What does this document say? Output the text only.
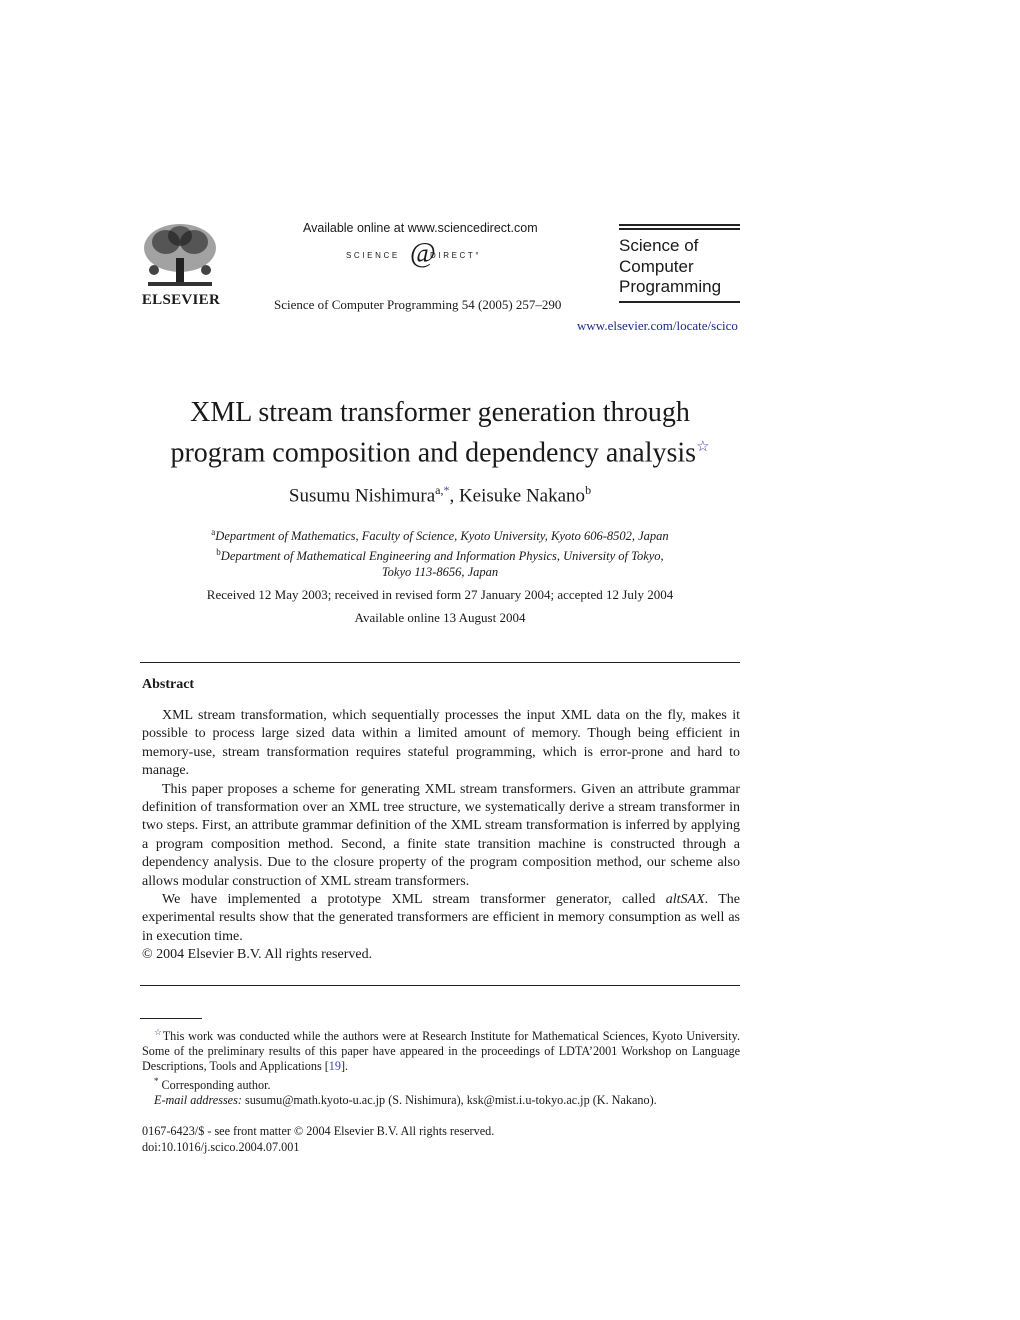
ELSEVIER
Available online at www.sciencedirect.com
SCIENCE @
DIRECT°
Science of Computer Programming 54 (2005) 257–290
Science of
Computer
Programming
www.elsevier.com/locate/scico
XML stream transformer generation through
program composition and dependency analysis☆
Susumu Nishimura$^{a,*}$, Keisuke Nakano$^b$
$^a$Department of Mathematics, Faculty of Science, Kyoto University, Kyoto 606-8502, Japan
$^b$Department of Mathematical Engineering and Information Physics, University of Tokyo,
Tokyo 113-8656, Japan
Received 12 May 2003; received in revised form 27 January 2004; accepted 12 July 2004
Available online 13 August 2004
Abstract

XML stream transformation, which sequentially processes the input XML data on the fly, makes it possible to process large sized data within a limited amount of memory. Though being efficient in memory-use, stream transformation requires stateful programming, which is error-prone and hard to manage.

This paper proposes a scheme for generating XML stream transformers. Given an attribute grammar definition of transformation over an XML tree structure, we systematically derive a stream transformer in two steps. First, an attribute grammar definition of the XML stream transformation is inferred by applying a program composition method. Second, a finite state transition machine is constructed through a dependency analysis. Due to the closure property of the program composition method, our scheme also allows modular construction of XML stream transformers.

We have implemented a prototype XML stream transformer generator, called altSAX. The experimental results show that the generated transformers are efficient in memory consumption as well as in execution time.

© 2004 Elsevier B.V. All rights reserved.

☆This work was conducted while the authors were at Research Institute for Mathematical Sciences, Kyoto University. Some of the preliminary results of this paper have appeared in the proceedings of LDTA’2001 Workshop on Language Descriptions, Tools and Applications [19].

* Corresponding author.

E-mail addresses: susumu@math.kyoto-u.ac.jp (S. Nishimura), ksk@mist.i.u-tokyo.ac.jp (K. Nakano).

0167-6423/$ - see front matter © 2004 Elsevier B.V. All rights reserved.
doi:10.1016/j.scico.2004.07.001
